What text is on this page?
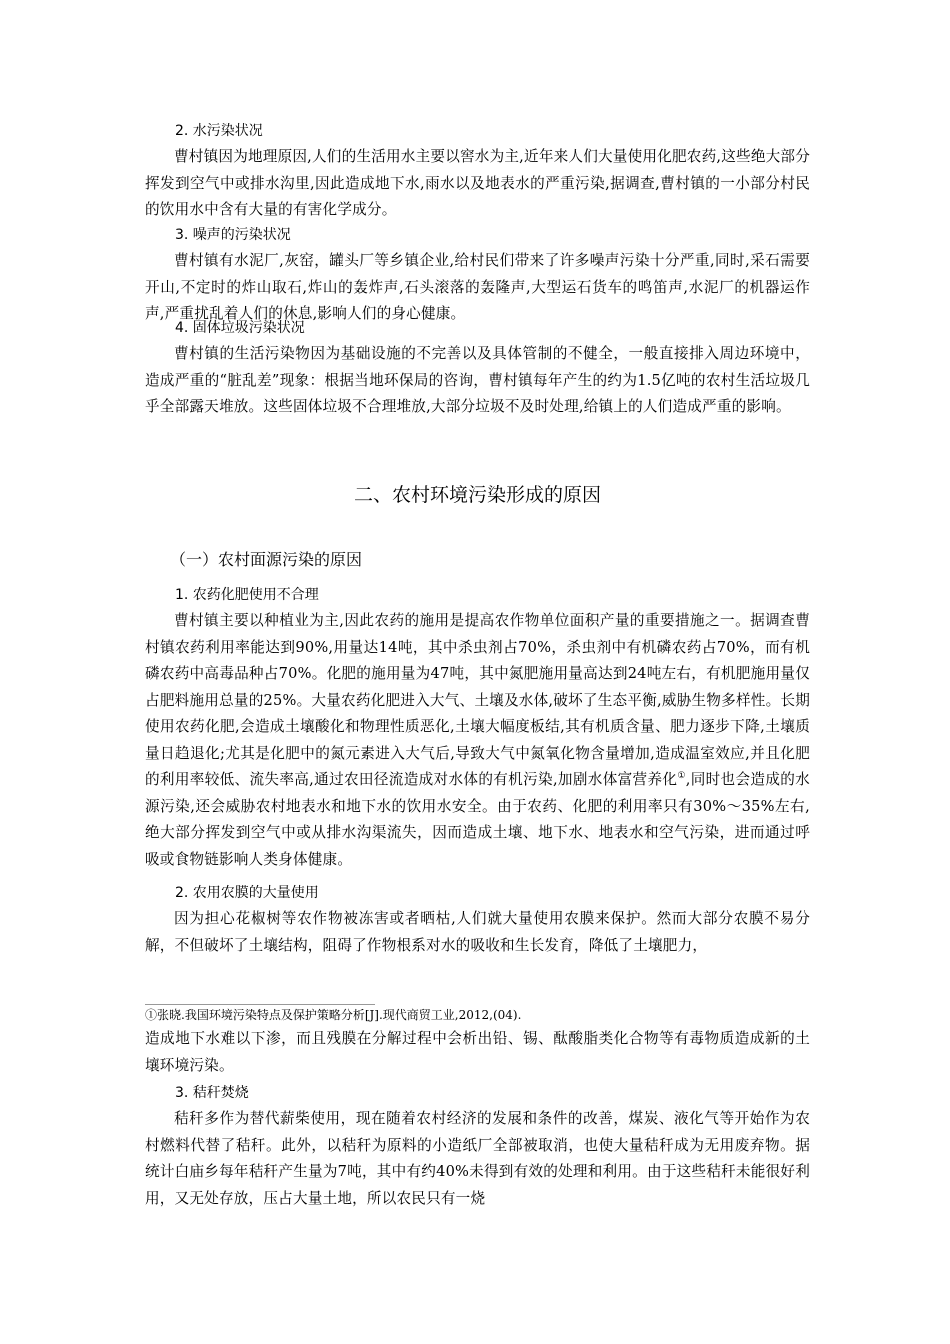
2. 水污染状况

曹村镇因为地理原因,人们的生活用水主要以窖水为主,近年来人们大量使用化肥农药,这些绝大部分挥发到空气中或排水沟里,因此造成地下水,雨水以及地表水的严重污染,据调查,曹村镇的一小部分村民的饮用水中含有大量的有害化学成分。

3. 噪声的污染状况

曹村镇有水泥厂,灰窑，罐头厂等乡镇企业,给村民们带来了许多噪声污染十分严重,同时,采石需要开山,不定时的炸山取石,炸山的轰炸声,石头滚落的轰隆声,大型运石货车的鸣笛声,水泥厂的机器运作声,严重扰乱着人们的休息,影响人们的身心健康。

4. 固体垃圾污染状况

曹村镇的生活污染物因为基础设施的不完善以及具体管制的不健全，一般直接排入周边环境中，造成严重的“脏乱差”现象：根据当地环保局的咨询，曹村镇每年产生的约为1.5亿吨的农村生活垃圾几乎全部露天堆放。这些固体垃圾不合理堆放,大部分垃圾不及时处理,给镇上的人们造成严重的影响。

二、农村环境污染形成的原因

（一）农村面源污染的原因

1. 农药化肥使用不合理

曹村镇主要以种植业为主,因此农药的施用是提高农作物单位面积产量的重要措施之一。据调查曹村镇农药利用率能达到90%,用量达14吨，其中杀虫剂占70%，杀虫剂中有机磷农药占70%，而有机磷农药中高毒品种占70%。化肥的施用量为47吨，其中氮肥施用量高达到24吨左右，有机肥施用量仅占肥料施用总量的25%。大量农药化肥进入大气、土壤及水体,破坏了生态平衡,威胁生物多样性。长期使用农药化肥,会造成土壤酸化和物理性质恶化,土壤大幅度板结,其有机质含量、肥力逐步下降,土壤质量日趋退化;尤其是化肥中的氮元素进入大气后,导致大气中氮氧化物含量增加,造成温室效应,并且化肥的利用率较低、流失率高,通过农田径流造成对水体的有机污染,加剧水体富营养化①,同时也会造成的水源污染,还会威胁农村地表水和地下水的饮用水安全。由于农药、化肥的利用率只有30%～35%左右,绝大部分挥发到空气中或从排水沟渠流失，因而造成土壤、地下水、地表水和空气污染，进而通过呼吸或食物链影响人类身体健康。

2. 农用农膜的大量使用

因为担心花椒树等农作物被冻害或者晒枯,人们就大量使用农膜来保护。然而大部分农膜不易分解，不但破坏了土壤结构，阻碍了作物根系对水的吸收和生长发育，降低了土壤肥力，

①张晓.我国环境污染特点及保护策略分析[J].现代商贸工业,2012,(04).

造成地下水难以下渗，而且残膜在分解过程中会析出铅、锡、酞酸脂类化合物等有毒物质造成新的土壤环境污染。

3. 秸秆焚烧

秸秆多作为替代薪柴使用，现在随着农村经济的发展和条件的改善，煤炭、液化气等开始作为农村燃料代替了秸秆。此外，以秸秆为原料的小造纸厂全部被取消，也使大量秸秆成为无用废弃物。据统计白庙乡每年秸秆产生量为7吨，其中有约40%未得到有效的处理和利用。由于这些秸秆未能很好利用，又无处存放，压占大量土地，所以农民只有一烧
